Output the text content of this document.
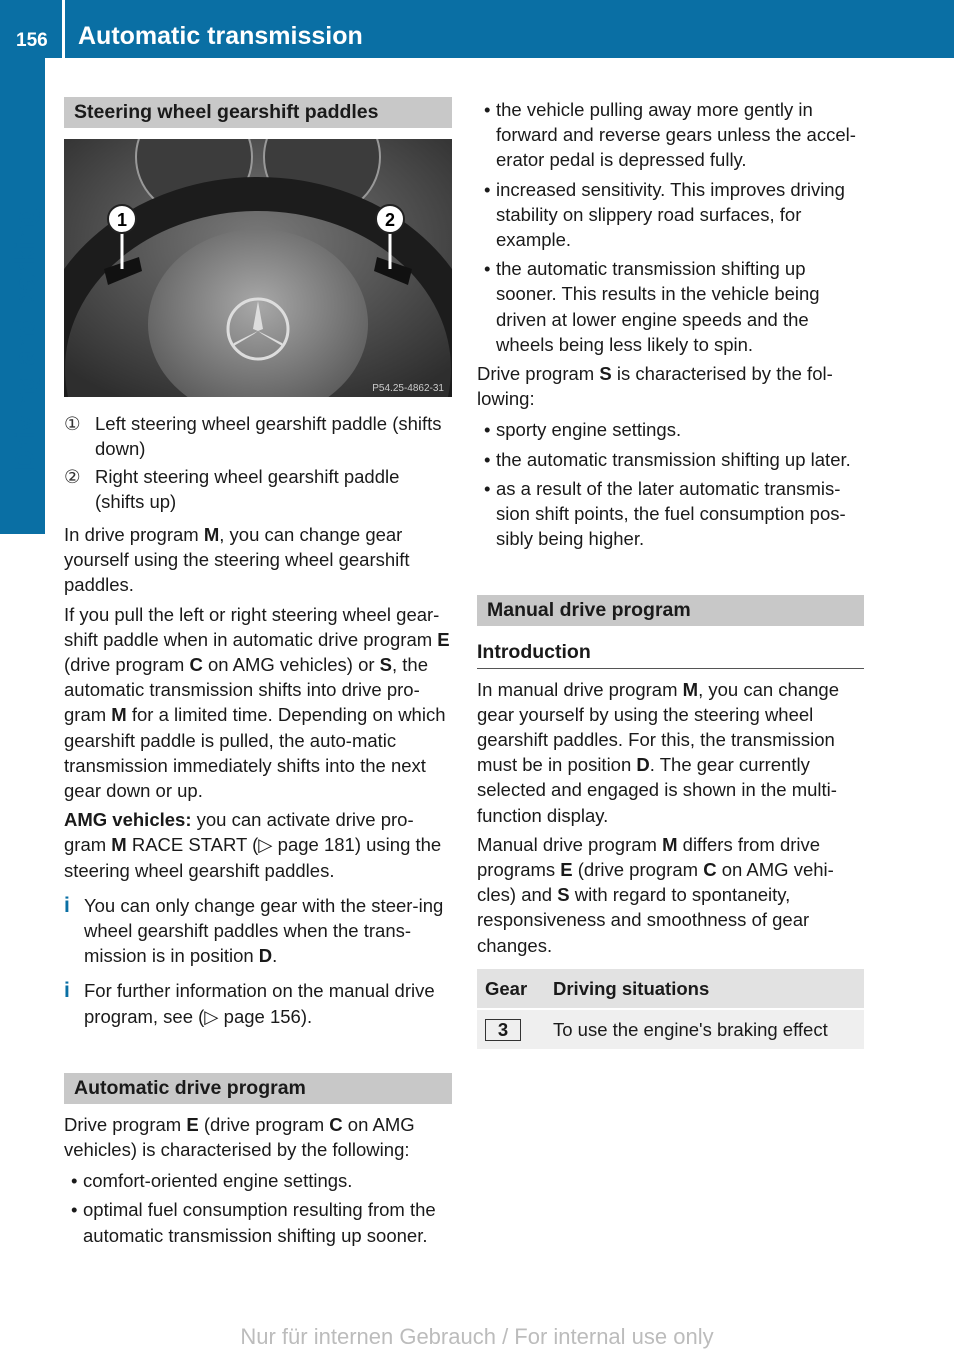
156 Automatic transmission
Driving and parking
Steering wheel gearshift paddles
1	2
P54.25-4862-31
① Left steering wheel gearshift paddle (shifts down)
② Right steering wheel gearshift paddle (shifts up)

In drive program M, you can change gear yourself using the steering wheel gearshift paddles.

If you pull the left or right steering wheel gear-shift paddle when in automatic drive program E (drive program C on AMG vehicles) or S, the automatic transmission shifts into drive pro-gram M for a limited time. Depending on which gearshift paddle is pulled, the auto-matic transmission immediately shifts into the next gear down or up.

AMG vehicles: you can activate drive pro-gram M RACE START (▷ page 181) using the steering wheel gearshift paddles.

i You can only change gear with the steer-ing wheel gearshift paddles when the trans-mission is in position D.
i For further information on the manual drive program, see (▷ page 156).
Automatic drive program

Drive program E (drive program C on AMG vehicles) is characterised by the following:

• comfort-oriented engine settings.
• optimal fuel consumption resulting from the automatic transmission shifting up sooner.
• the vehicle pulling away more gently in forward and reverse gears unless the accel-erator pedal is depressed fully.
• increased sensitivity. This improves driving stability on slippery road surfaces, for example.
• the automatic transmission shifting up sooner. This results in the vehicle being driven at lower engine speeds and the wheels being less likely to spin.

Drive program S is characterised by the fol-lowing:

• sporty engine settings.
• the automatic transmission shifting up later.
• as a result of the later automatic transmis-sion shift points, the fuel consumption pos-sibly being higher.
Manual drive program
Introduction

In manual drive program M, you can change gear yourself by using the steering wheel gearshift paddles. For this, the transmission must be in position D. The gear currently selected and engaged is shown in the multi-function display.

Manual drive program M differs from drive programs E (drive program C on AMG vehi-cles) and S with regard to spontaneity, responsiveness and smoothness of gear changes.

Gear	Driving situations
3	To use the engine's braking effect
Nur für internen Gebrauch / For internal use only
